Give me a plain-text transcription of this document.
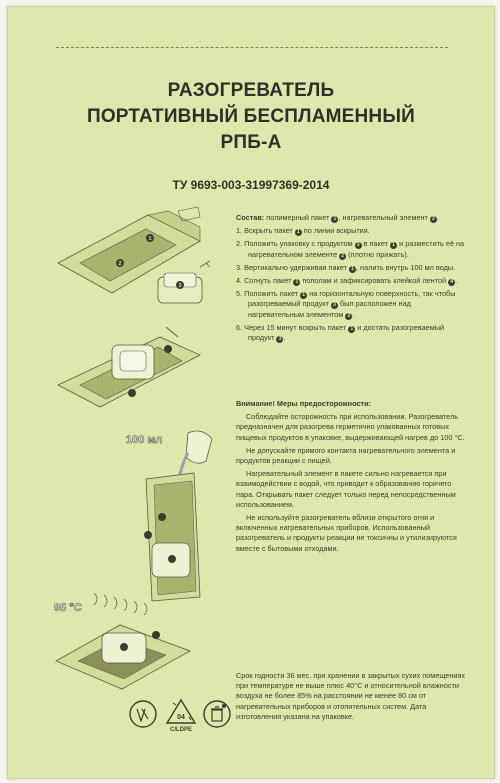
РАЗОГРЕВАТЕЛЬ
ПОРТАТИВНЫЙ БЕСПЛАМЕННЫЙ
РПБ-А
ТУ 9693-003-31997369-2014
1
2
3
100 мл
95 °С

Состав: полимерный пакет 1 , нагревательный элемент 2 .

1. Вскрыть пакет 1 по линии вскрытия.

2. Положить упаковку с продуктом 3 в пакет 1 и разместить её на нагревательном элементе 2 (плотно прижать).

3. Вертикально удерживая пакет 1 , налить внутрь 100 мл воды.

4. Согнуть пакет 1 пополам и зафиксировать клейкой лентой 4 .

5. Положить пакет 1 на горизонтальную поверхность, так чтобы разогреваемый продукт 3 был расположен над нагревательным элементом 2 .

6. Через 15 минут вскрыть пакет 1 и достать разогреваемый продукт 3 .

Внимание! Меры предосторожности:

Соблюдайте осторожность при использовании. Разогреватель предназначен для разогрева герметично упакованных готовых пищевых продуктов в упаковке, выдерживающей нагрев до 100 °С.

Не допускайте прямого контакта нагревательного элемента и продуктов реакции с пищей.

Нагревательный элемент в пакете сильно нагревается при взаимодействии с водой, что приводит к образованию горячего пара. Открывать пакет следует только перед непосредственным использованием.

Не используйте разогреватель вблизи открытого огня и включенных нагревательных приборов. Использованный разогреватель и продукты реакции не токсичны и утилизируются вместе с бытовыми отходами.

Срок годности 36 мес. при хранении в закрытых сухих помещениях при температуре не выше плюс 40°С и относительной влажности воздуха не более 85% на расстоянии не менее 80 см от нагревательных приборов и отопительных систем. Дата изготовления указана на упаковке.
04
C/LDPE
